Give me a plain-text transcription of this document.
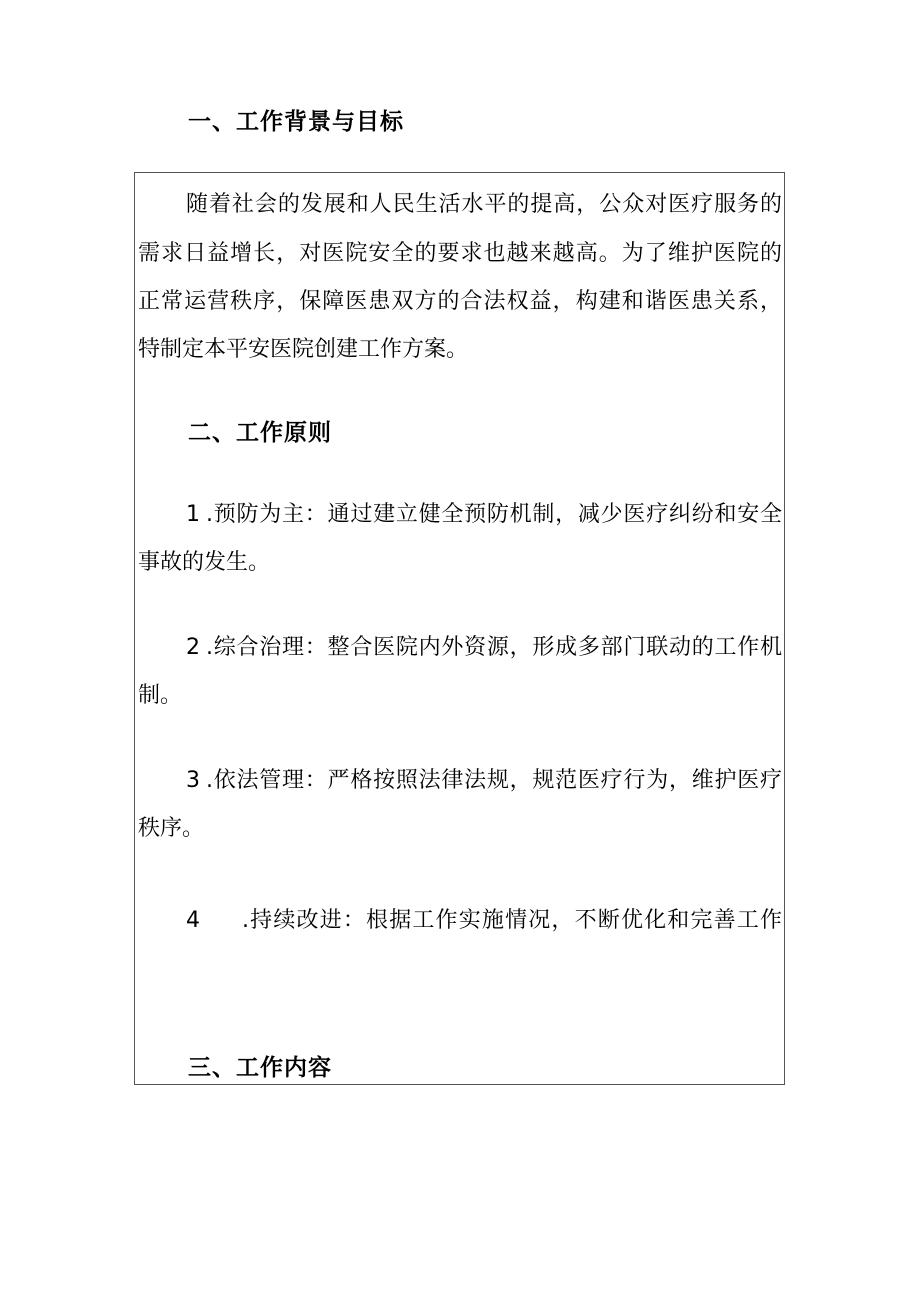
一、工作背景与目标
随着社会的发展和人民生活水平的提高，公众对医疗服务的
需求日益增长，对医院安全的要求也越来越高。为了维护医院的
正常运营秩序，保障医患双方的合法权益，构建和谐医患关系，
特制定本平安医院创建工作方案。
二、工作原则
1 .预防为主：通过建立健全预防机制，减少医疗纠纷和安全
事故的发生。
2 .综合治理：整合医院内外资源，形成多部门联动的工作机
制。
3 .依法管理：严格按照法律法规，规范医疗行为，维护医疗
秩序。
4 .持续改进：根据工作实施情况，不断优化和完善工作
三、工作内容
